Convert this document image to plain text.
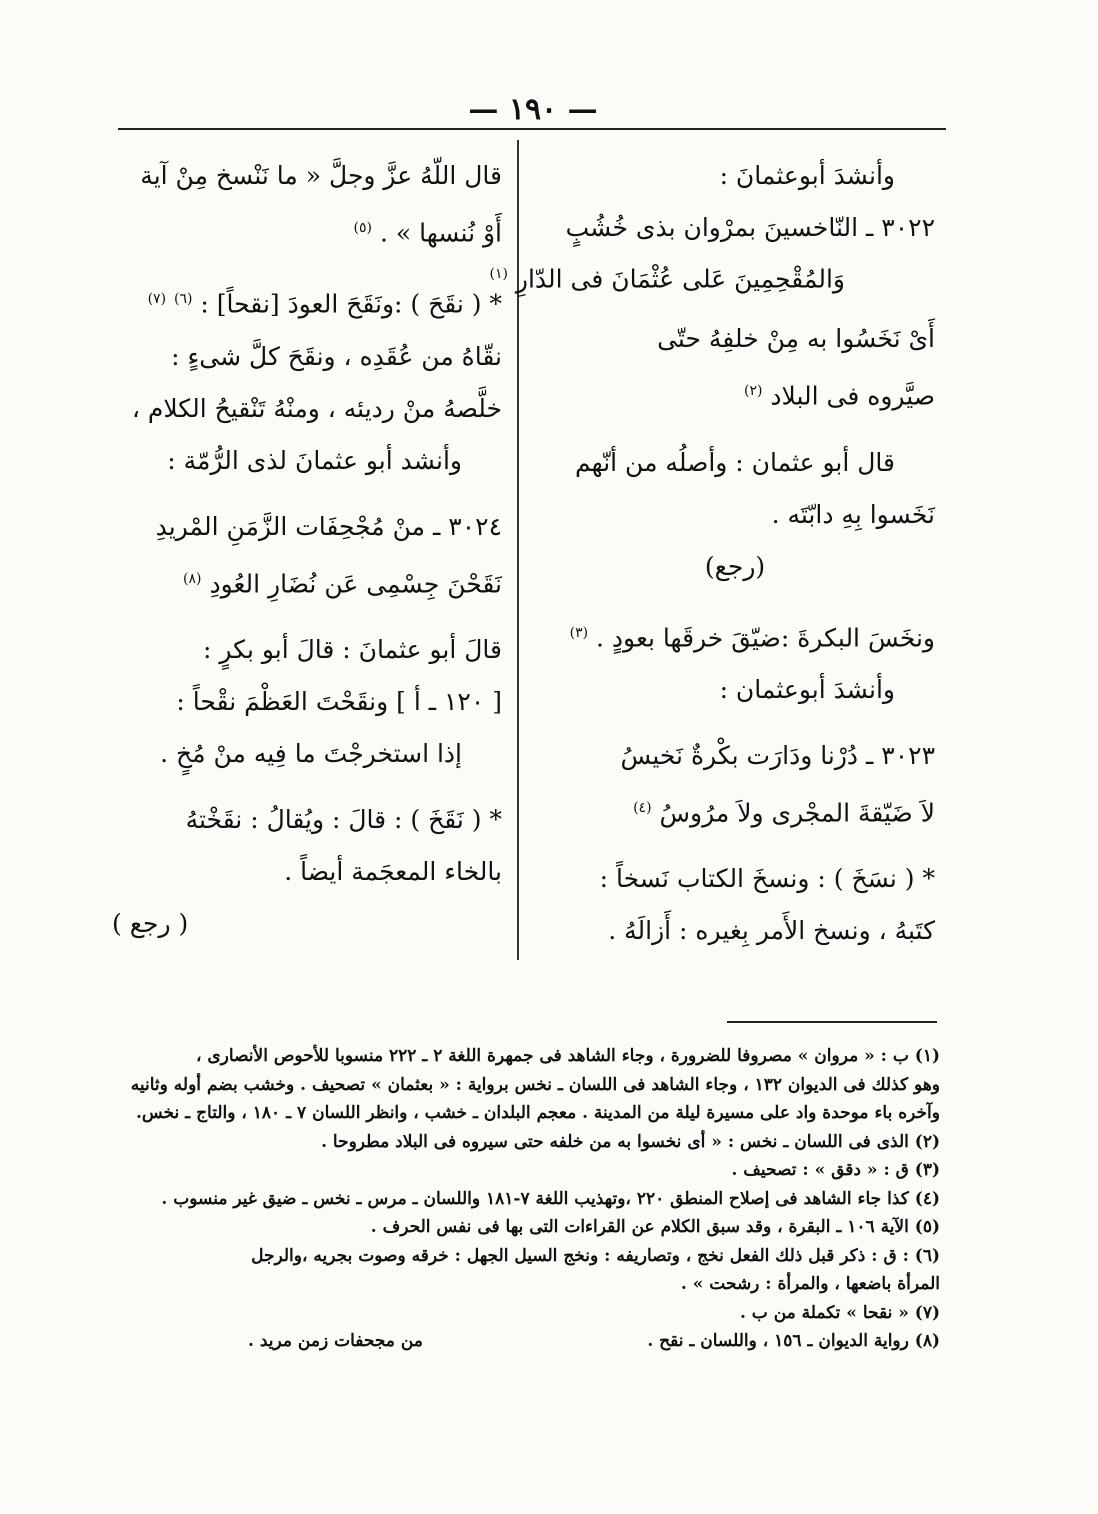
— ١٩٠ —
وأنشدَ أبوعثمانَ :
٣٠٢٢ ـ النّاخسينَ بمرْوان بذى خُشُبٍ
وَالمُقْحِمِينَ عَلى عُثْمَانَ فى الدّارِ $^{(١)}$
أَىْ نَخَسُوا به مِنْ خلفِهُ حتّى
صيَّروه فى البلاد $^{(٢)}$
قال أبو عثمان : وأصلُه من أنّهم
نَخَسوا بِهِ دابّتَه .
(رجع)
ونخَسَ البكرةَ :ضيّقَ خرقَها بعودٍ . $^{(٣)}$
وأنشدَ أبوعثمان :
٣٠٢٣ ـ دُرْنا ودَارَت بكْرةٌ نَخيسُ
لاَ ضَيّقةَ المجْرى ولاَ مرُوسُ $^{(٤)}$
* ( نسَخَ ) : ونسخَ الكتاب نَسخاً :
كتَبهُ ، ونسخ الأَمر بِغيره : أَزالَهُ .
قال اللّهُ عزَّ وجلَّ « ما نَنْسخ مِنْ آية
أَوْ نُنسها » . $^{(٥)}$
* ( نقَحَ ) :ونَقَحَ العودَ [نقحاً] : $^{(٦)}$ $^{(٧)}$
نقّاهُ من عُقَدِه ، ونقَحَ كلَّ شىءٍ :
خلَّصهُ منْ رديئه ، ومنْهُ تَنْقيحُ الكلام ،
وأنشد أبو عثمانَ لذى الرُّمّة :
٣٠٢٤ ـ منْ مُجْحِفَات الزَّمَنِ المْريدِ
نَقَحْنَ جِسْمِى عَن نُضَارِ العُودِ $^{(٨)}$
قالَ أبو عثمانَ : قالَ أبو بكرٍ :
[ ١٢٠ ـ أ ] ونقَحْتَ العَظْمَ نقْحاً :
إذا استخرجْتَ ما فِيه منْ مُخٍ .
* ( نَقَخَ ) : قالَ : ويُقالُ : نقَخْتهُ
بالخاء المعجَمة أيضاً .
( رجع )
(١) ب : « مروان » مصروفا للضرورة ، وجاء الشاهد فى جمهرة اللغة ٢ ـ ٢٢٢ منسوبا للأحوص الأنصارى ،
وهو كذلك فى الديوان ١٣٢ ، وجاء الشاهد فى اللسان ـ نخس برواية : « بعثمان » تصحيف . وخشب بضم أوله وثانيه
وآخره باء موحدة واد على مسيرة ليلة من المدينة . معجم البلدان ـ خشب ، وانظر اللسان ٧ ـ ١٨٠ ، والتاج ـ نخس.
(٢) الذى فى اللسان ـ نخس : « أى نخسوا به من خلفه حتى سيروه فى البلاد مطروحا .
(٣) ق : « دقق » : تصحيف .
(٤) كذا جاء الشاهد فى إصلاح المنطق ٢٢٠ ،وتهذيب اللغة ٧-١٨١ واللسان ـ مرس ـ نخس ـ ضيق غير منسوب .
(٥) الآية ١٠٦ ـ البقرة ، وقد سبق الكلام عن القراءات التى بها فى نفس الحرف .
(٦) : ق : ذكر قبل ذلك الفعل نخج ، وتصاريفه : ونخج السيل الجهل : خرقه وصوت بجريه ،والرجل
المرأة باضعها ، والمرأة : رشحت » .
(٧) « نقحا » تكملة من ب .
(٨) رواية الديوان ـ ١٥٦ ، واللسان ـ نقح .
من مجحفات زمن مريد .
